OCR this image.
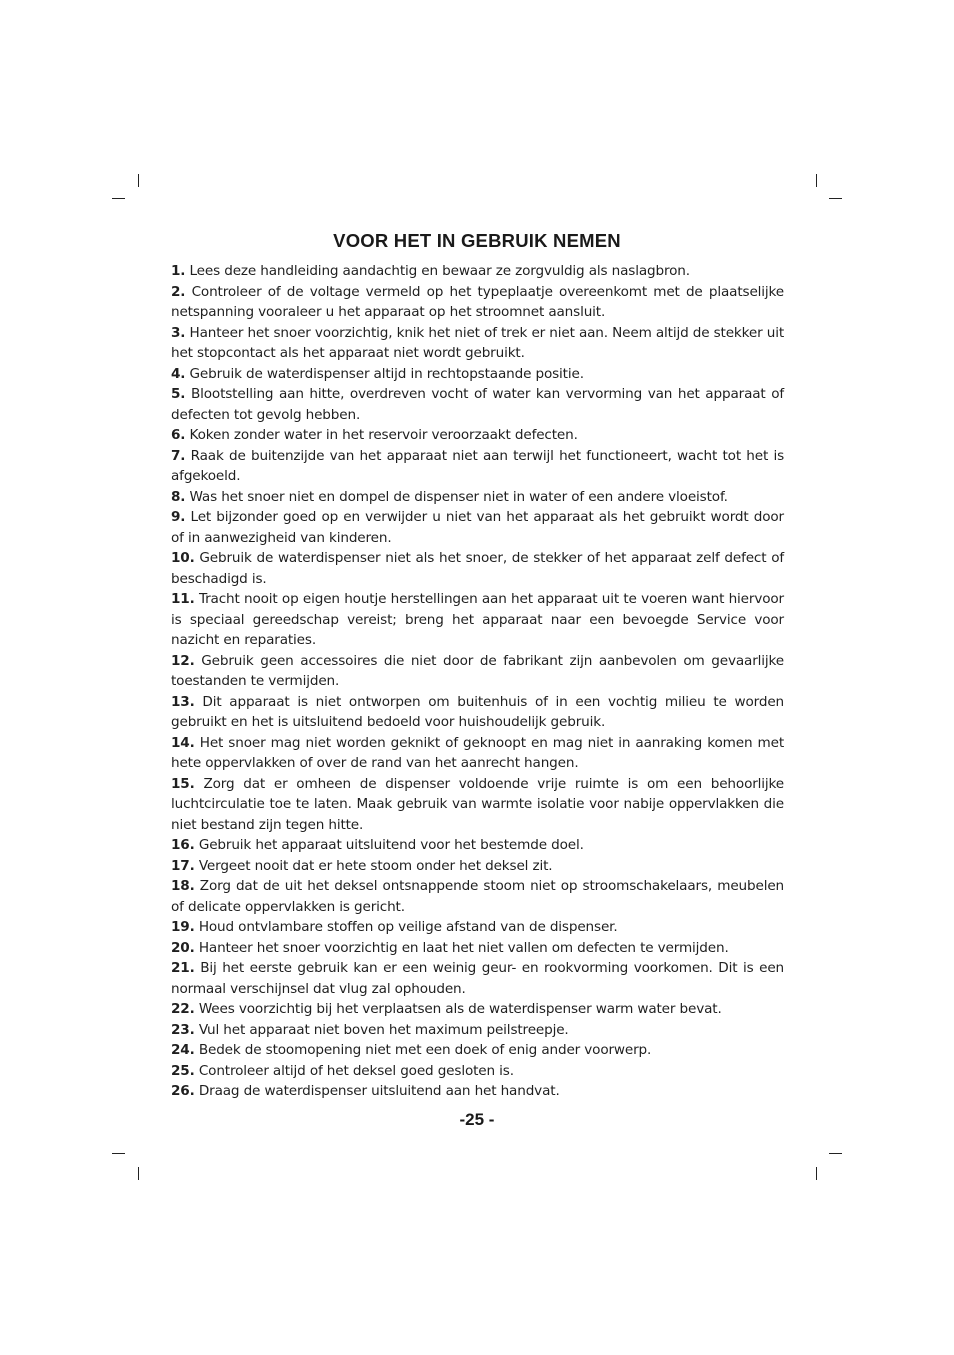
VOOR HET IN GEBRUIK NEMEN

1. Lees deze handleiding aandachtig en bewaar ze zorgvuldig als naslagbron.

2. Controleer of de voltage vermeld op het typeplaatje overeenkomt met de plaatselijke netspanning vooraleer u het apparaat op het stroomnet aansluit.

3. Hanteer het snoer voorzichtig, knik het niet of trek er niet aan. Neem altijd de stekker uit het stopcontact als het apparaat niet wordt gebruikt.

4. Gebruik de waterdispenser altijd in rechtopstaande positie.

5. Blootstelling aan hitte, overdreven vocht of water kan vervorming van het apparaat of defecten tot gevolg hebben.

6. Koken zonder water in het reservoir veroorzaakt defecten.

7. Raak de buitenzijde van het apparaat niet aan terwijl het functioneert, wacht tot het is afgekoeld.

8. Was het snoer niet en dompel de dispenser niet in water of een andere vloeistof.

9. Let bijzonder goed op en verwijder u niet van het apparaat als het gebruikt wordt door of in aanwezigheid van kinderen.

10. Gebruik de waterdispenser niet als het snoer, de stekker of het apparaat zelf defect of beschadigd is.

11. Tracht nooit op eigen houtje herstellingen aan het apparaat uit te voeren want hiervoor is speciaal gereedschap vereist; breng het apparaat naar een bevoegde Service voor nazicht en reparaties.

12. Gebruik geen accessoires die niet door de fabrikant zijn aanbevolen om gevaarlijke toestanden te vermijden.

13. Dit apparaat is niet ontworpen om buitenhuis of in een vochtig milieu te worden gebruikt en het is uitsluitend bedoeld voor huishoudelijk gebruik.

14. Het snoer mag niet worden geknikt of geknoopt en mag niet in aanraking komen met hete oppervlakken of over de rand van het aanrecht hangen.

15. Zorg dat er omheen de dispenser voldoende vrije ruimte is om een behoorlijke luchtcirculatie toe te laten. Maak gebruik van warmte isolatie voor nabije oppervlakken die niet bestand zijn tegen hitte.

16. Gebruik het apparaat uitsluitend voor het bestemde doel.

17. Vergeet nooit dat er hete stoom onder het deksel zit.

18. Zorg dat de uit het deksel ontsnappende stoom niet op stroomschakelaars, meubelen of delicate oppervlakken is gericht.

19. Houd ontvlambare stoffen op veilige afstand van de dispenser.

20. Hanteer het snoer voorzichtig en laat het niet vallen om defecten te vermijden.

21. Bij het eerste gebruik kan er een weinig geur- en rookvorming voorkomen. Dit is een normaal verschijnsel dat vlug zal ophouden.

22. Wees voorzichtig bij het verplaatsen als de waterdispenser warm water bevat.

23. Vul het apparaat niet boven het maximum peilstreepje.

24. Bedek de stoomopening niet met een doek of enig ander voorwerp.

25. Controleer altijd of het deksel goed gesloten is.

26. Draag de waterdispenser uitsluitend aan het handvat.

-25 -
